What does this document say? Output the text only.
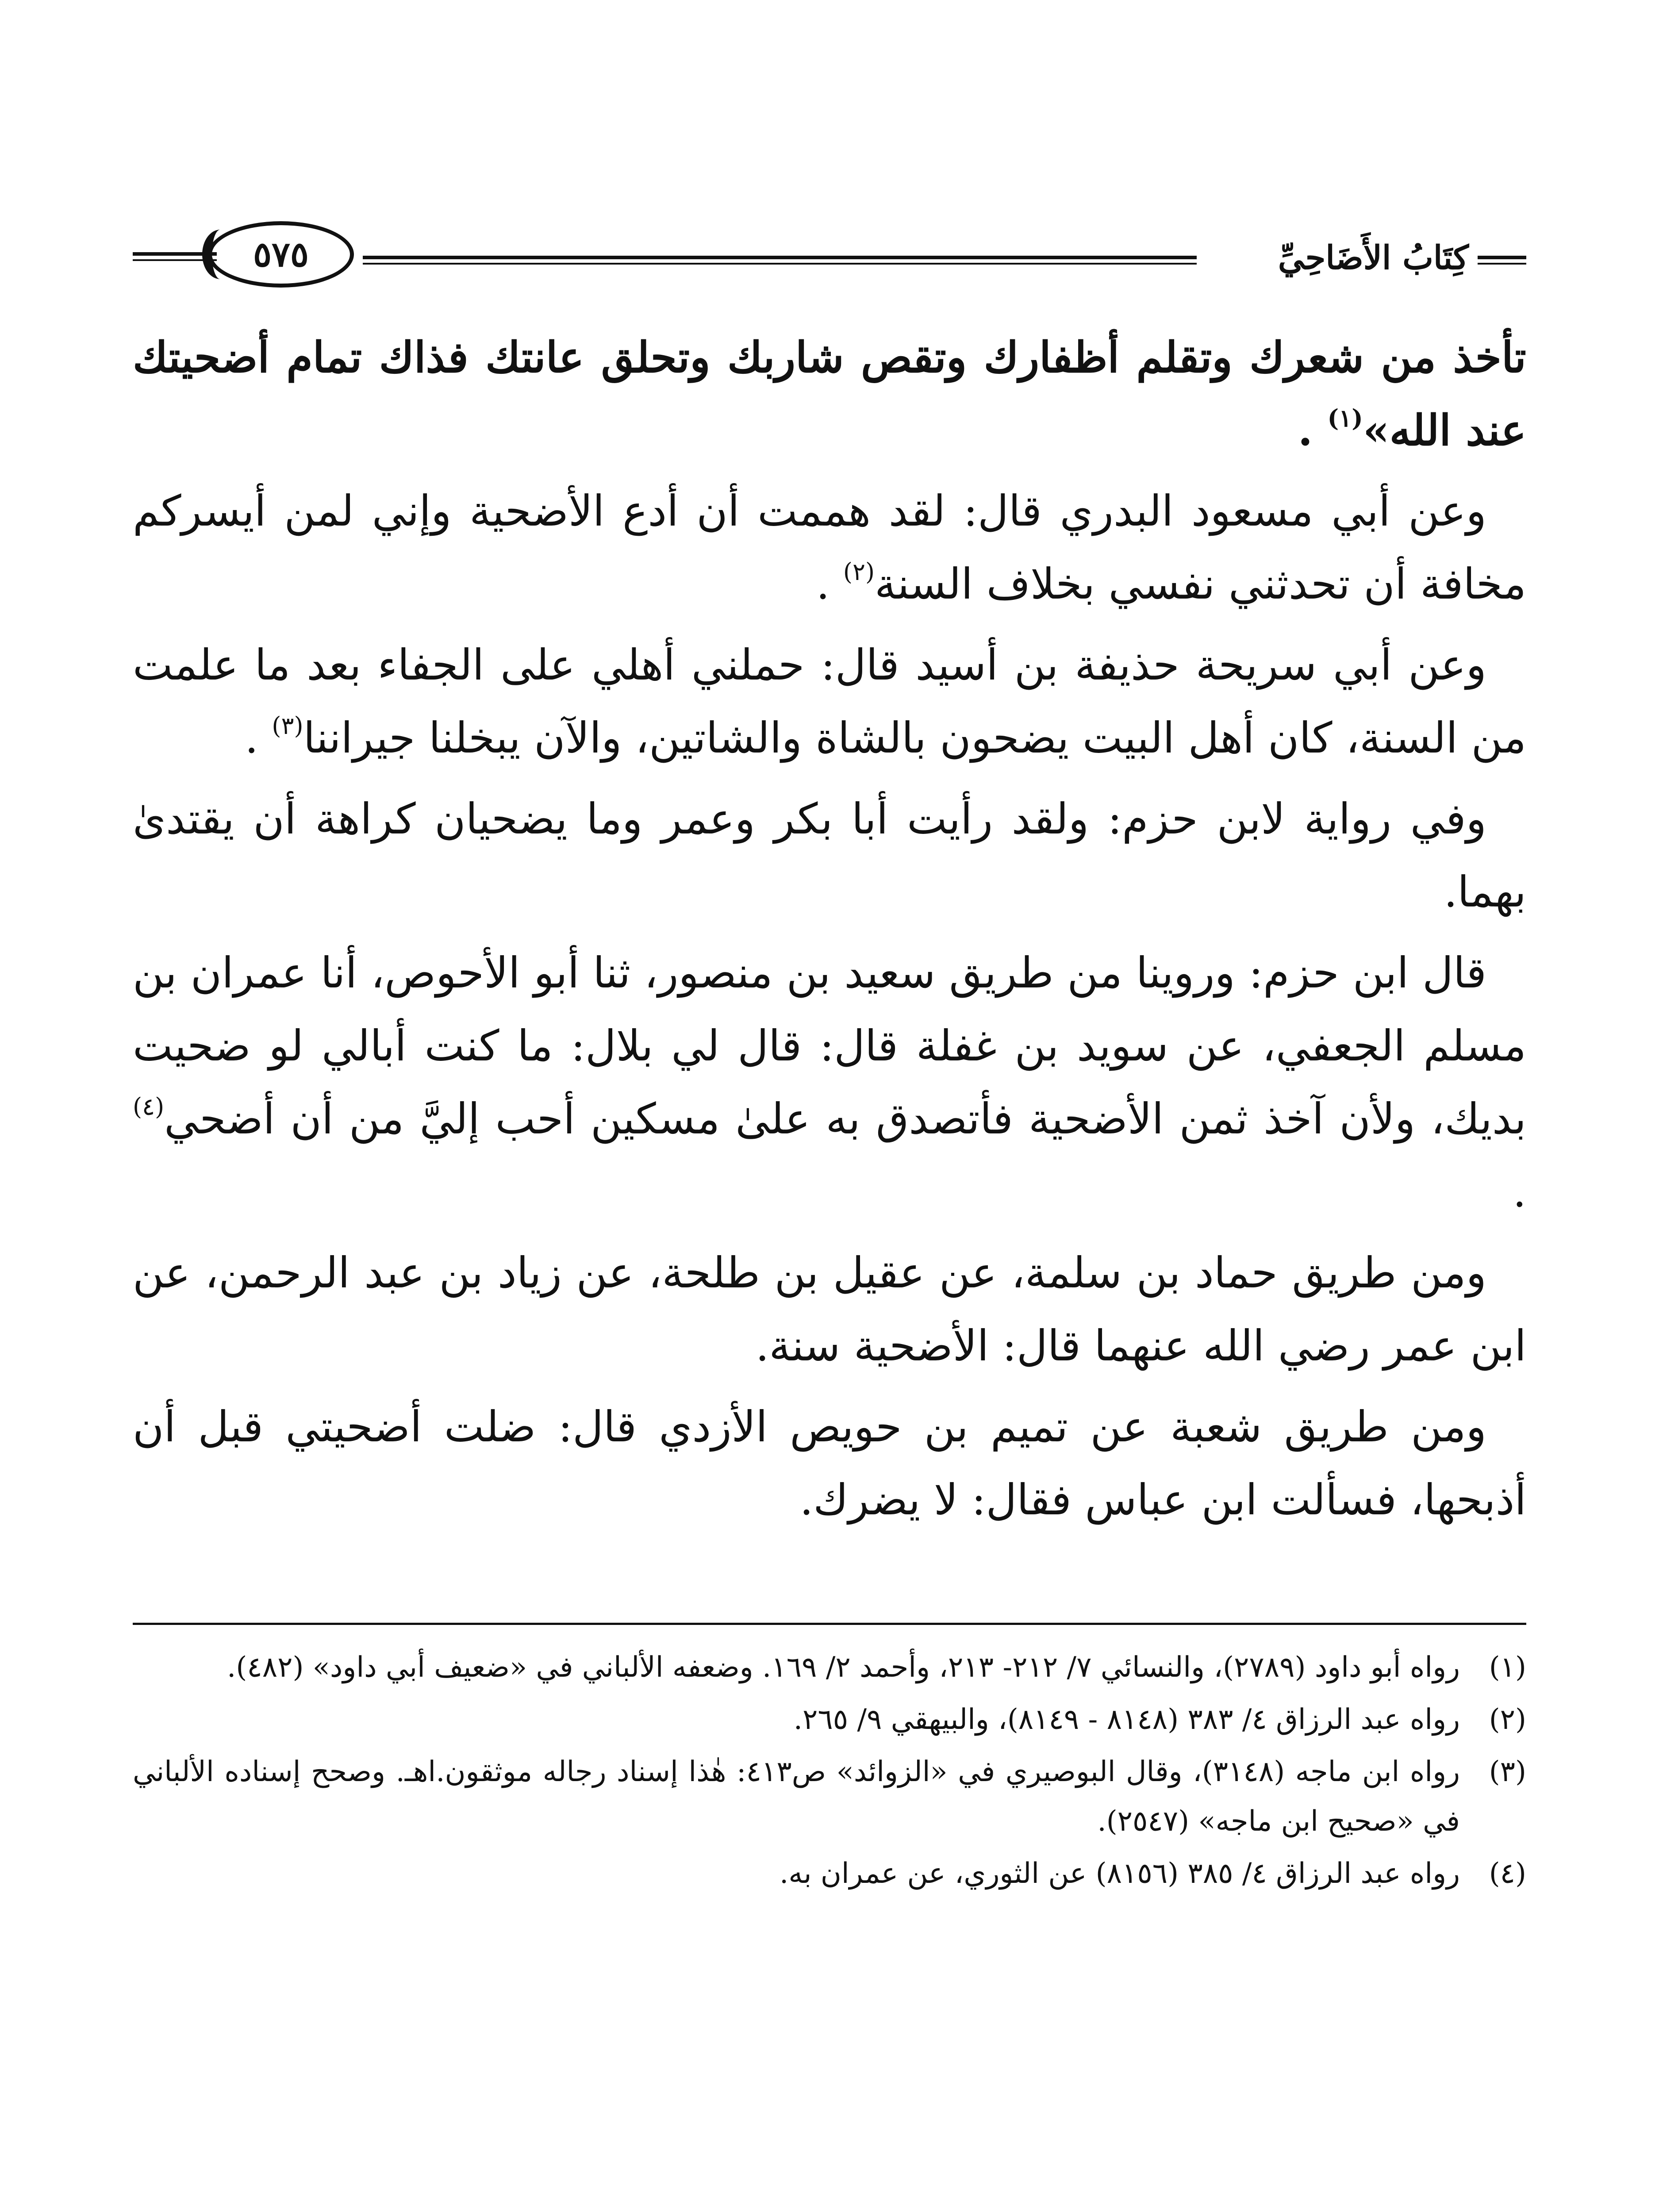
كِتَابُ الأَضَاحِيِّ
٥٧٥

تأخذ من شعرك وتقلم أظفارك وتقص شاربك وتحلق عانتك فذاك تمام أضحيتك عند الله»$^{(١)}$ .

وعن أبي مسعود البدري قال: لقد هممت أن أدع الأضحية وإني لمن أيسركم مخافة أن تحدثني نفسي بخلاف السنة$^{(٢)}$ .

وعن أبي سريحة حذيفة بن أسيد قال: حملني أهلي على الجفاء بعد ما علمت من السنة، كان أهل البيت يضحون بالشاة والشاتين، والآن يبخلنا جيراننا$^{(٣)}$ .

وفي رواية لابن حزم: ولقد رأيت أبا بكر وعمر وما يضحيان كراهة أن يقتدىٰ بهما.

قال ابن حزم: وروينا من طريق سعيد بن منصور، ثنا أبو الأحوص، أنا عمران بن مسلم الجعفي، عن سويد بن غفلة قال: قال لي بلال: ما كنت أبالي لو ضحيت بديك، ولأن آخذ ثمن الأضحية فأتصدق به علىٰ مسكين أحب إليَّ من أن أضحي$^{(٤)}$ .

ومن طريق حماد بن سلمة، عن عقيل بن طلحة، عن زياد بن عبد الرحمن، عن ابن عمر رضي الله عنهما قال: الأضحية سنة.

ومن طريق شعبة عن تميم بن حويص الأزدي قال: ضلت أضحيتي قبل أن أذبحها، فسألت ابن عباس فقال: لا يضرك.

(١)
رواه أبو داود (٢٧٨٩)، والنسائي ٧/ ٢١٢- ٢١٣، وأحمد ٢/ ١٦٩. وضعفه الألباني في «ضعيف أبي داود» (٤٨٢).
(٢)
رواه عبد الرزاق ٤/ ٣٨٣ (٨١٤٨ - ٨١٤٩)، والبيهقي ٩/ ٢٦٥.
(٣)
رواه ابن ماجه (٣١٤٨)، وقال البوصيري في «الزوائد» ص٤١٣: هٰذا إسناد رجاله موثقون.اهـ. وصحح إسناده الألباني في «صحيح ابن ماجه» (٢٥٤٧).
(٤)
رواه عبد الرزاق ٤/ ٣٨٥ (٨١٥٦) عن الثوري، عن عمران به.
